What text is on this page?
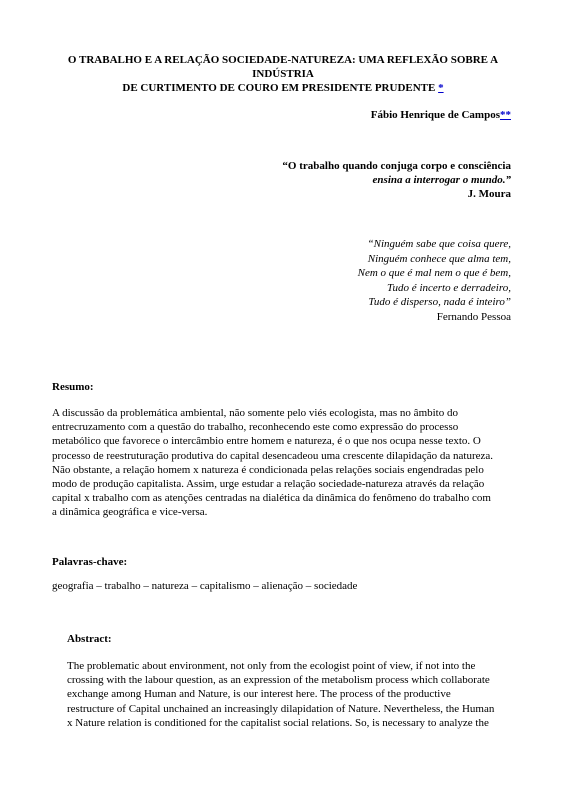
O TRABALHO E A RELAÇÃO SOCIEDADE-NATUREZA: UMA REFLEXÃO SOBRE A
INDÚSTRIA
DE CURTIMENTO DE COURO EM PRESIDENTE PRUDENTE *
Fábio Henrique de Campos**
“O trabalho quando conjuga corpo e consciência
ensina a interrogar o mundo.”
J. Moura
“Ninguém sabe que coisa quere,
Ninguém conhece que alma tem,
Nem o que é mal nem o que é bem,
Tudo é incerto e derradeiro,
Tudo é disperso, nada é inteiro”
Fernando Pessoa
Resumo:
A discussão da problemática ambiental, não somente pelo viés ecologista, mas no âmbito do
entrecruzamento com a questão do trabalho, reconhecendo este como expressão do processo
metabólico que favorece o intercâmbio entre homem e natureza, é o que nos ocupa nesse texto. O
processo de reestruturação produtiva do capital desencadeou uma crescente dilapidação da natureza.
Não obstante, a relação homem x natureza é condicionada pelas relações sociais engendradas pelo
modo de produção capitalista. Assim, urge estudar a relação sociedade-natureza através da relação
capital x trabalho com as atenções centradas na dialética da dinâmica do fenômeno do trabalho com
a dinâmica geográfica e vice-versa.
Palavras-chave:
geografia – trabalho – natureza – capitalismo – alienação – sociedade
Abstract:
The problematic about environment, not only from the ecologist point of view, if not into the
crossing with the labour question, as an expression of the metabolism process which collaborate
exchange among Human and Nature, is our interest here. The process of the productive
restructure of Capital unchained an increasingly dilapidation of Nature. Nevertheless, the Human
x Nature relation is conditioned for the capitalist social relations. So, is necessary to analyze the
